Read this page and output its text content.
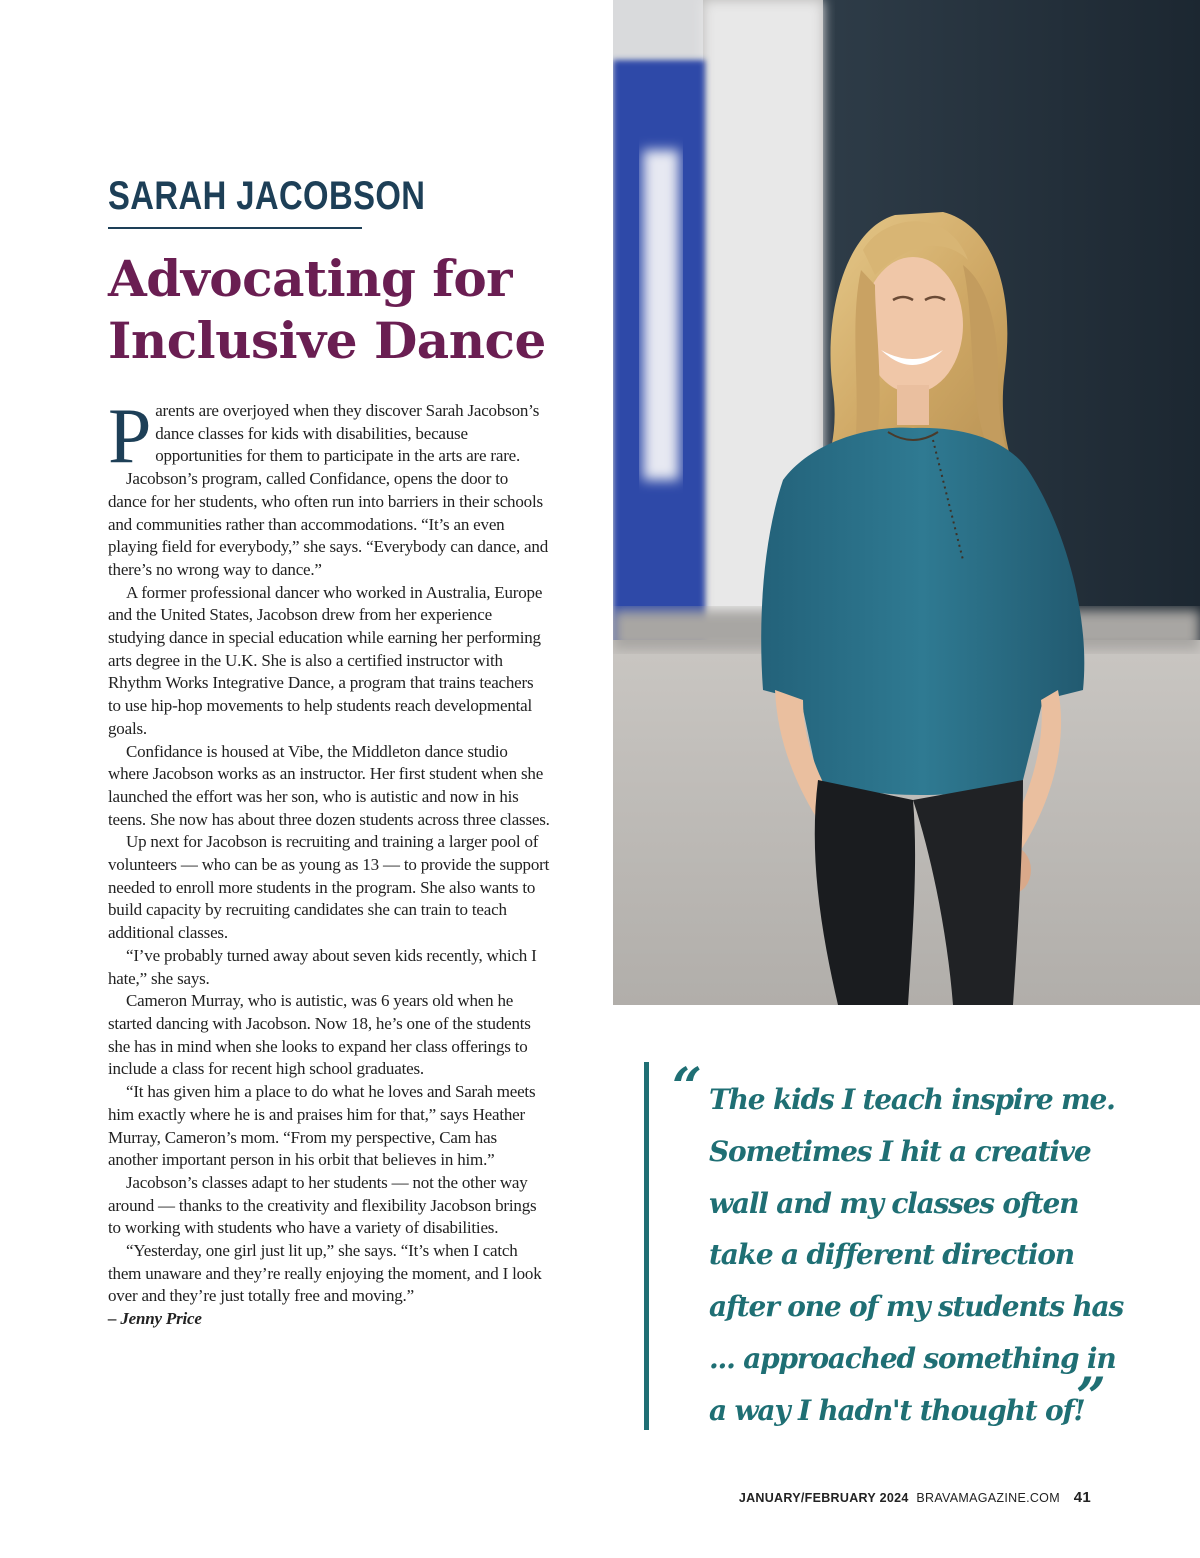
SARAH JACOBSON
Advocating for
Inclusive Dance

Parents are overjoyed when they discover Sarah Jacobson’s dance classes for kids with disabilities, because opportunities for them to participate in the arts are rare.

Jacobson’s program, called Confidance, opens the door to dance for her students, who often run into barriers in their schools and communities rather than accommodations. “It’s an even playing field for everybody,” she says. “Everybody can dance, and there’s no wrong way to dance.”

A former professional dancer who worked in Australia, Europe and the United States, Jacobson drew from her experience studying dance in special education while earning her performing arts degree in the U.K. She is also a certified instructor with Rhythm Works Integrative Dance, a program that trains teachers to use hip-hop movements to help students reach developmental goals.

Confidance is housed at Vibe, the Middleton dance studio where Jacobson works as an instructor. Her first student when she launched the effort was her son, who is autistic and now in his teens. She now has about three dozen students across three classes.

Up next for Jacobson is recruiting and training a larger pool of volunteers — who can be as young as 13 — to provide the support needed to enroll more students in the program. She also wants to build capacity by recruiting candidates she can train to teach additional classes.

“I’ve probably turned away about seven kids recently, which I hate,” she says.

Cameron Murray, who is autistic, was 6 years old when he started dancing with Jacobson. Now 18, he’s one of the students she has in mind when she looks to expand her class offerings to include a class for recent high school graduates.

“It has given him a place to do what he loves and Sarah meets him exactly where he is and praises him for that,” says Heather Murray, Cameron’s mom. “From my perspective, Cam has another important person in his orbit that believes in him.”

Jacobson’s classes adapt to her students — not the other way around — thanks to the creativity and flexibility Jacobson brings to working with students who have a variety of disabilities.

“Yesterday, one girl just lit up,” she says. “It’s when I catch them unaware and they’re really enjoying the moment, and I look over and they’re just totally free and moving.”

– Jenny Price

“ The kids I teach inspire me.
Sometimes I hit a creative
wall and my classes often
take a different direction
after one of my students has
... approached something in
a way I hadn't thought of!
”
JANUARY/FEBRUARY 2024 BRAVAMAGAZINE.COM 41
